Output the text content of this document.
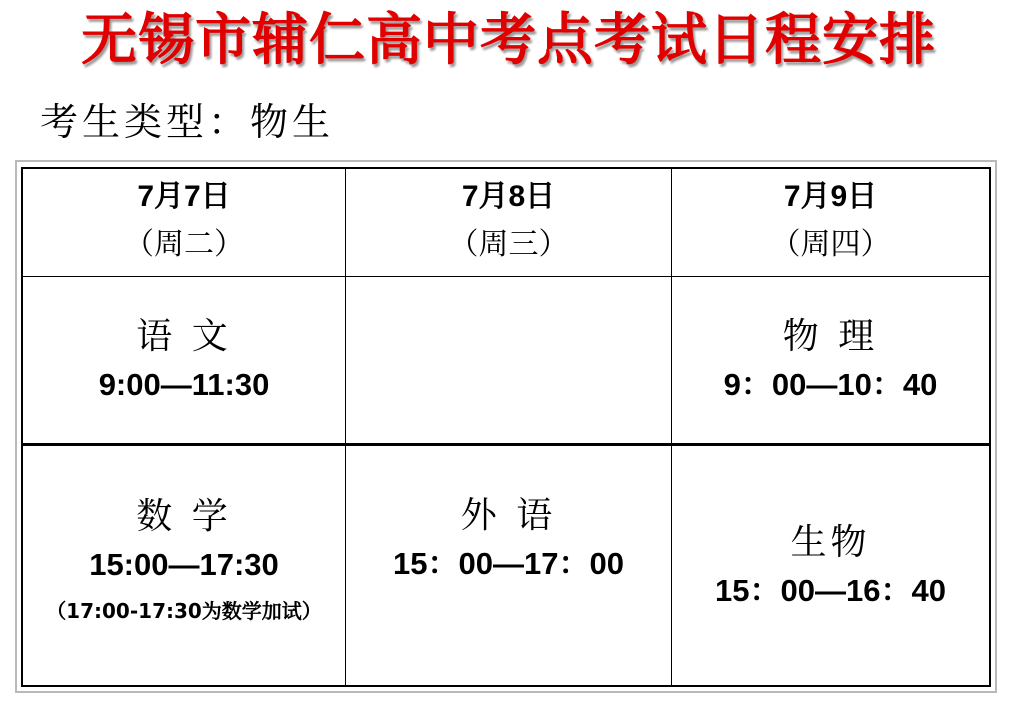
无锡市辅仁高中考点考试日程安排
考生类型：物生
7月7日
（周二）
7月8日
（周三）
7月9日
（周四）
语 文
9:00—11:30
物 理
9：00—10：40
数 学
15:00—17:30
（17:00-17:30为数学加试）
外 语
15：00—17：00
生物
15：00—16：40
